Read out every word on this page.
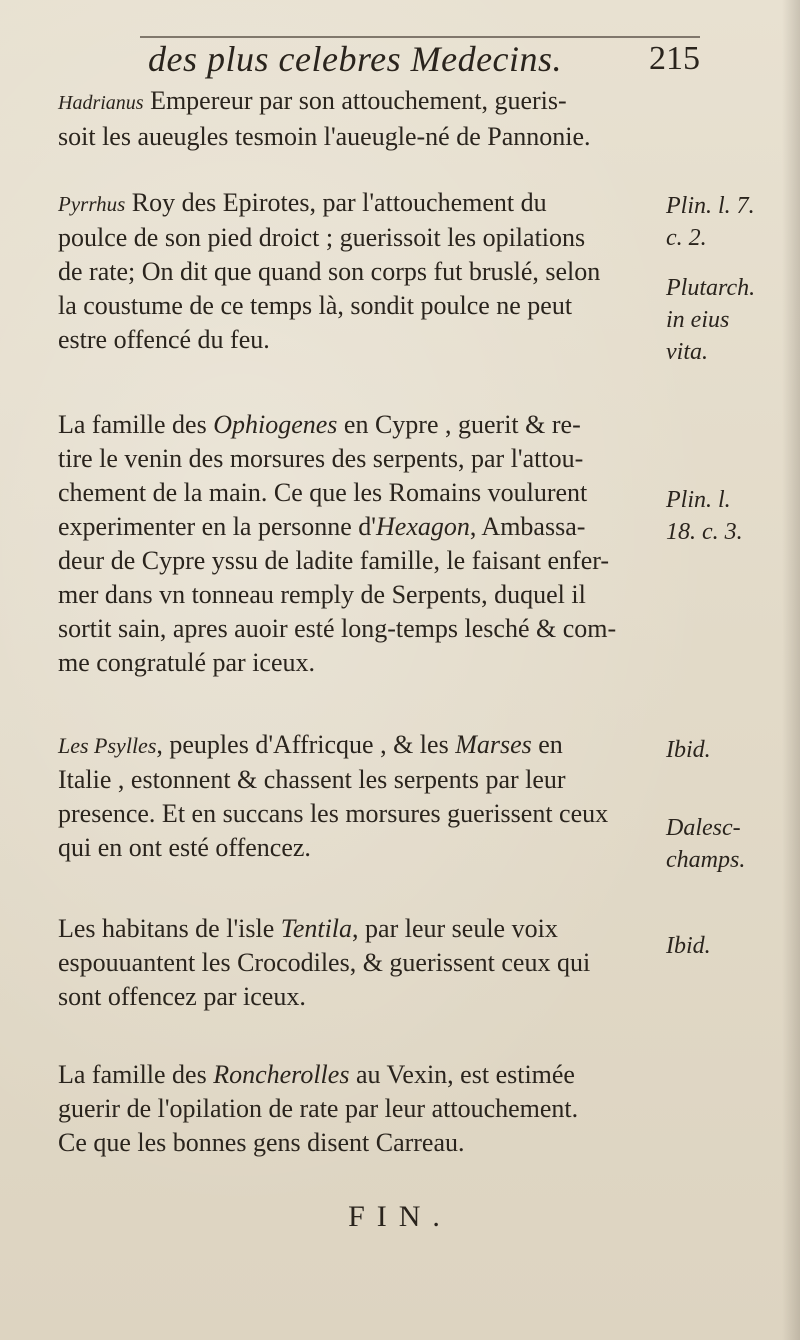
des plus celebres Medecins.	215

Hadrianus Empereur par son attouchement, gueris-
soit les aueugles tesmoin l'aueugle-né de Pannonie.

Pyrrhus Roy des Epirotes, par l'attouchement du
poulce de son pied droict ; guerissoit les opilations
de rate; On dit que quand son corps fut bruslé, selon
la coustume de ce temps là, sondit poulce ne peut
estre offencé du feu.

La famille des Ophiogenes en Cypre , guerit & re-
tire le venin des morsures des serpents, par l'attou-
chement de la main. Ce que les Romains voulurent
experimenter en la personne d'Hexagon, Ambassa-
deur de Cypre yssu de ladite famille, le faisant enfer-
mer dans vn tonneau remply de Serpents, duquel il
sortit sain, apres auoir esté long-temps lesché & com-
me congratulé par iceux.

Les Psylles, peuples d'Affricque , & les Marses en
Italie , estonnent & chassent les serpents par leur
presence. Et en succans les morsures guerissent ceux
qui en ont esté offencez.

Les habitans de l'isle Tentila, par leur seule voix
espouuantent les Crocodiles, & guerissent ceux qui
sont offencez par iceux.

La famille des Roncherolles au Vexin, est estimée
guerir de l'opilation de rate par leur attouchement.
Ce que les bonnes gens disent Carreau.

Plin. l. 7.
c. 2.
Plutarch.
in eius
vita.
Plin. l.
18. c. 3.
Ibid.
Dalesc-
champs.
Ibid.
FIN.
